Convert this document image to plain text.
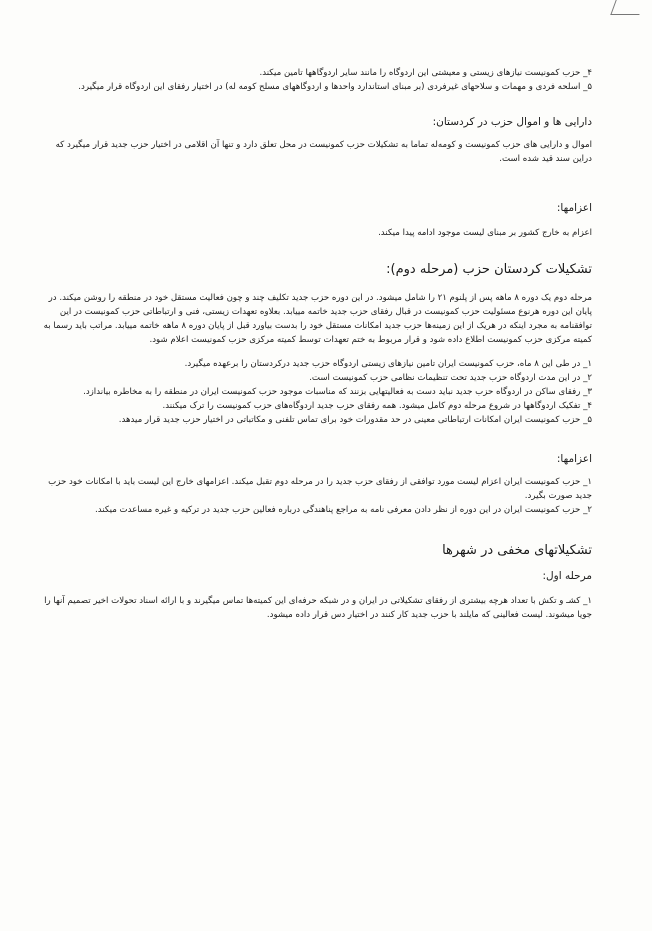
۴_ حزب کمونیست نیازهای زیستی و معیشتی این اردوگاه را مانند سایر اردوگاهها تامین میکند.

۵_ اسلحه فردی و مهمات و سلاحهای غیرفردی (بر مبنای استاندارد واحدها و اردوگاههای مسلح کومه له) در اختیار رفقای این اردوگاه قرار میگیرد.

دارایی ها و اموال حزب در کردستان:

اموال و دارایی های حزب کمونیست و کومه‌له تماما به تشکیلات حزب کمونیست در محل تعلق دارد و تنها آن اقلامی در اختیار حزب جدید قرار میگیرد که دراین سند قید شده است.

اعزامها:

اعزام به خارج کشور بر مبنای لیست موجود ادامه پیدا میکند.

تشکیلات کردستان حزب (مرحله دوم):

مرحله دوم یک دوره ۸ ماهه پس از پلنوم ۲۱ را شامل میشود. در این دوره حزب جدید تکلیف چند و چون فعالیت مستقل خود در منطقه را روشن میکند. در پایان این دوره هرنوع مسئولیت حزب کمونیست در قبال رفقای حزب جدید خاتمه مییابد. بعلاوه تعهدات زیستی، فنی و ارتباطاتی حزب کمونیست در این توافقنامه به مجرد اینکه در هریک از این زمینه‌ها حزب جدید امکانات مستقل خود را بدست بیاورد قبل از پایان دوره ۸ ماهه خاتمه مییابد. مراتب باید رسما به کمیته مرکزی حزب کمونیست اطلاع داده شود و قرار مربوط به ختم تعهدات توسط کمیته مرکزی حزب کمونیست اعلام شود.

۱_ در طی این ۸ ماه، حزب کمونیست ایران تامین نیازهای زیستی اردوگاه حزب جدید درکردستان را برعهده میگیرد.

۲_ در این مدت اردوگاه حزب جدید تحت تنظیمات نظامی حزب کمونیست است.

۳_ رفقای ساکن در اردوگاه حزب جدید نباید دست به فعالیتهایی بزنند که مناسبات موجود حزب کمونیست ایران در منطقه را به مخاطره بیاندازد.

۴_ تفکیک اردوگاهها در شروع مرحله دوم کامل میشود. همه رفقای حزب جدید اردوگاه‌های حزب کمونیست را ترک میکنند.

۵_ حزب کمونیست ایران امکانات ارتباطاتی معینی در حد مقدورات خود برای تماس تلفنی و مکاتباتی در اختیار حزب جدید قرار میدهد.

اعزامها:

۱_ حزب کمونیست ایران اعزام لیست مورد توافقی از رفقای حزب جدید را در مرحله دوم تقبل میکند. اعزامهای خارج این لیست باید با امکانات خود حزب جدید صورت بگیرد.

۲_ حزب کمونیست ایران در این دوره از نظر دادن معرفی نامه به مراجع پناهندگی درباره فعالین حزب جدید در ترکیه و غیره مساعدت میکند.

تشکیلاتهای مخفی در شهرها
مرحله اول:

۱_ کشـ و تکش با تعداد هرچه بیشتری از رفقای تشکیلاتی در ایران و در شبکه حرفه‌ای این کمیته‌ها تماس میگیرند و با ارائه اسناد تحولات اخیر تصمیم آنها را جویا میشوند. لیست فعالینی که مایلند با حزب جدید کار کنند در اختیار دس قرار داده میشود.
